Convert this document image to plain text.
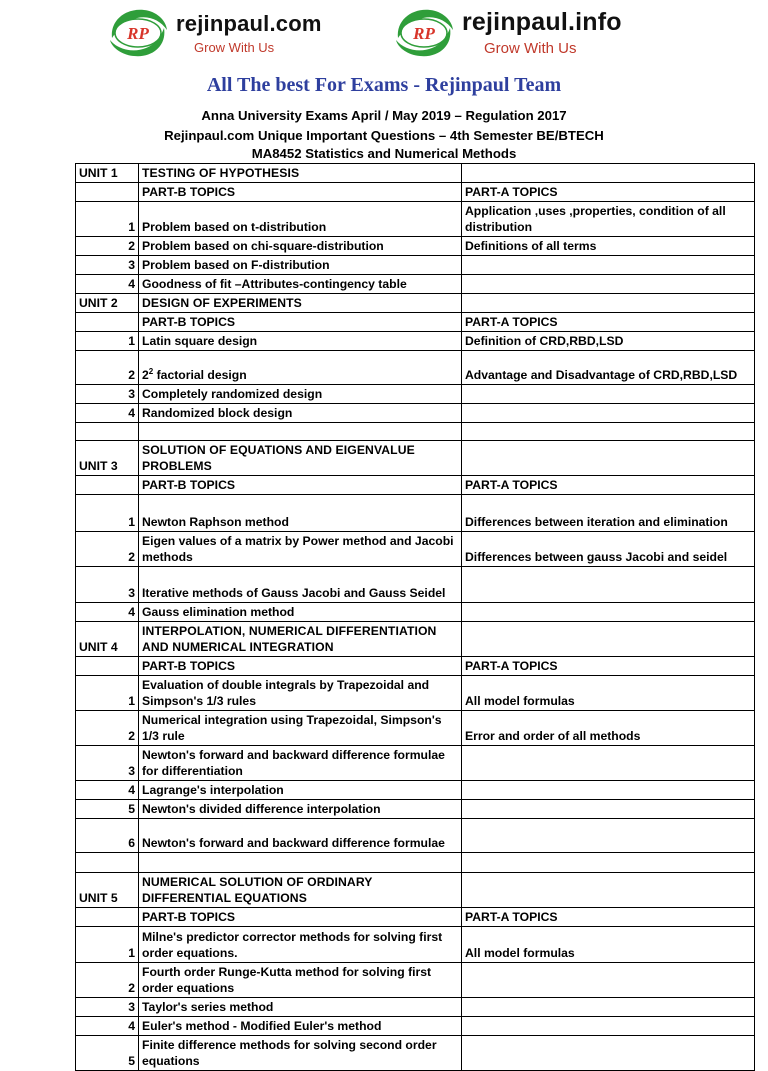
RP rejinpaul.com
Grow With Us
RP rejinpaul.info
Grow With Us
All The best For Exams - Rejinpaul Team
Anna University Exams April / May 2019 – Regulation 2017
Rejinpaul.com Unique Important Questions – 4th Semester BE/BTECH
MA8452 Statistics and Numerical Methods
UNIT 1	TESTING OF HYPOTHESIS	
	PART-B TOPICS	PART-A TOPICS
1	Problem based on t-distribution	Application ,uses ,properties, condition of all distribution
2	Problem based on chi-square-distribution	Definitions of all terms
3	Problem based on F-distribution	
4	Goodness of fit –Attributes-contingency table	
UNIT 2	DESIGN OF EXPERIMENTS	
	PART-B TOPICS	PART-A TOPICS
1	Latin square design	Definition of CRD,RBD,LSD
2	$2^2$ factorial design	Advantage and Disadvantage of CRD,RBD,LSD
3	Completely randomized design	
4	Randomized block design	

UNIT 3	SOLUTION OF EQUATIONS AND EIGENVALUE PROBLEMS	
	PART-B TOPICS	PART-A TOPICS
1	Newton Raphson method	Differences between iteration and elimination
2	Eigen values of a matrix by Power method and Jacobi methods	Differences between gauss Jacobi and seidel
3	Iterative methods of Gauss Jacobi and Gauss Seidel	
4	Gauss elimination method	
UNIT 4	INTERPOLATION, NUMERICAL DIFFERENTIATION AND NUMERICAL INTEGRATION	
	PART-B TOPICS	PART-A TOPICS
1	Evaluation of double integrals by Trapezoidal and Simpson's 1/3 rules	All model formulas
2	Numerical integration using Trapezoidal, Simpson's 1/3 rule	Error and order of all methods
3	Newton's forward and backward difference formulae for differentiation	
4	Lagrange's interpolation	
5	Newton's divided difference interpolation	
6	Newton's forward and backward difference formulae	

UNIT 5	NUMERICAL SOLUTION OF ORDINARY DIFFERENTIAL EQUATIONS	
	PART-B TOPICS	PART-A TOPICS
1	Milne's predictor corrector methods for solving first order equations.	All model formulas
2	Fourth order Runge-Kutta method for solving first order equations	
3	Taylor's series method	
4	Euler's method - Modified Euler's method	
5	Finite difference methods for solving second order equations	
